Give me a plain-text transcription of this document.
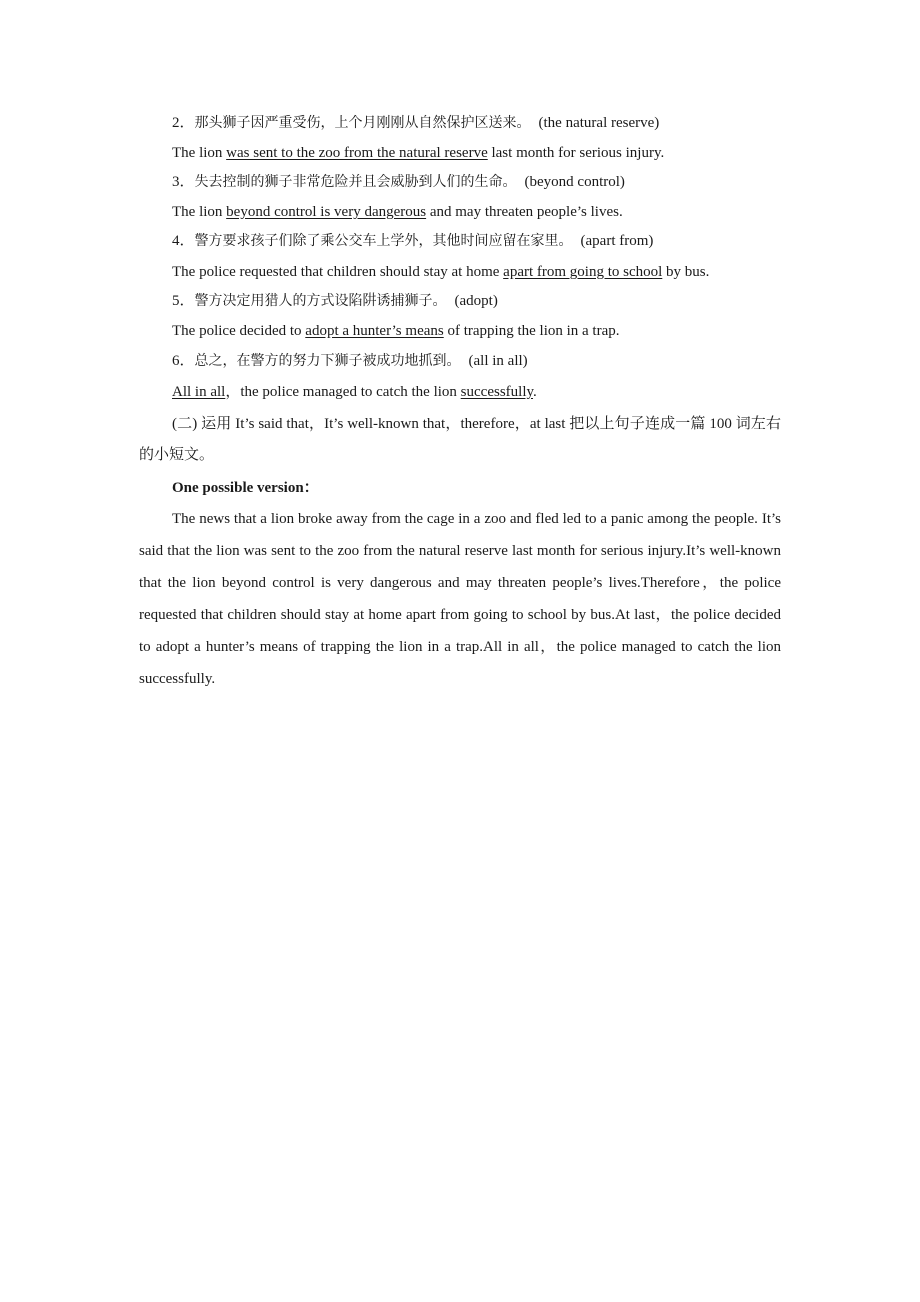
2．那头狮子因严重受伤，上个月刚刚从自然保护区送来。 (the natural reserve)
The lion was sent to the zoo from the natural reserve last month for serious injury.
3．失去控制的狮子非常危险并且会威胁到人们的生命。 (beyond control)
The lion beyond control is very dangerous and may threaten people’s lives.
4．警方要求孩子们除了乘公交车上学外，其他时间应留在家里。 (apart from)
The police requested that children should stay at home apart from going to school by bus.
5．警方决定用猎人的方式设陷阱诱捕狮子。 (adopt)
The police decided to adopt a hunter’s means of trapping the lion in a trap.
6．总之，在警方的努力下狮子被成功地抓到。 (all in all)
All in all，the police managed to catch the lion successfully.
(二) 运用 It’s said that，It’s well-known that，therefore，at last 把以上句子连成一篇 100 词左右的小短文。
One possible version：
The news that a lion broke away from the cage in a zoo and fled led to a panic among the people. It’s said that the lion was sent to the zoo from the natural reserve last month for serious injury.It’s well-known that the lion beyond control is very dangerous and may threaten people’s lives.Therefore，the police requested that children should stay at home apart from going to school by bus.At last，the police decided to adopt a hunter’s means of trapping the lion in a trap.All in all，the police managed to catch the lion successfully.
